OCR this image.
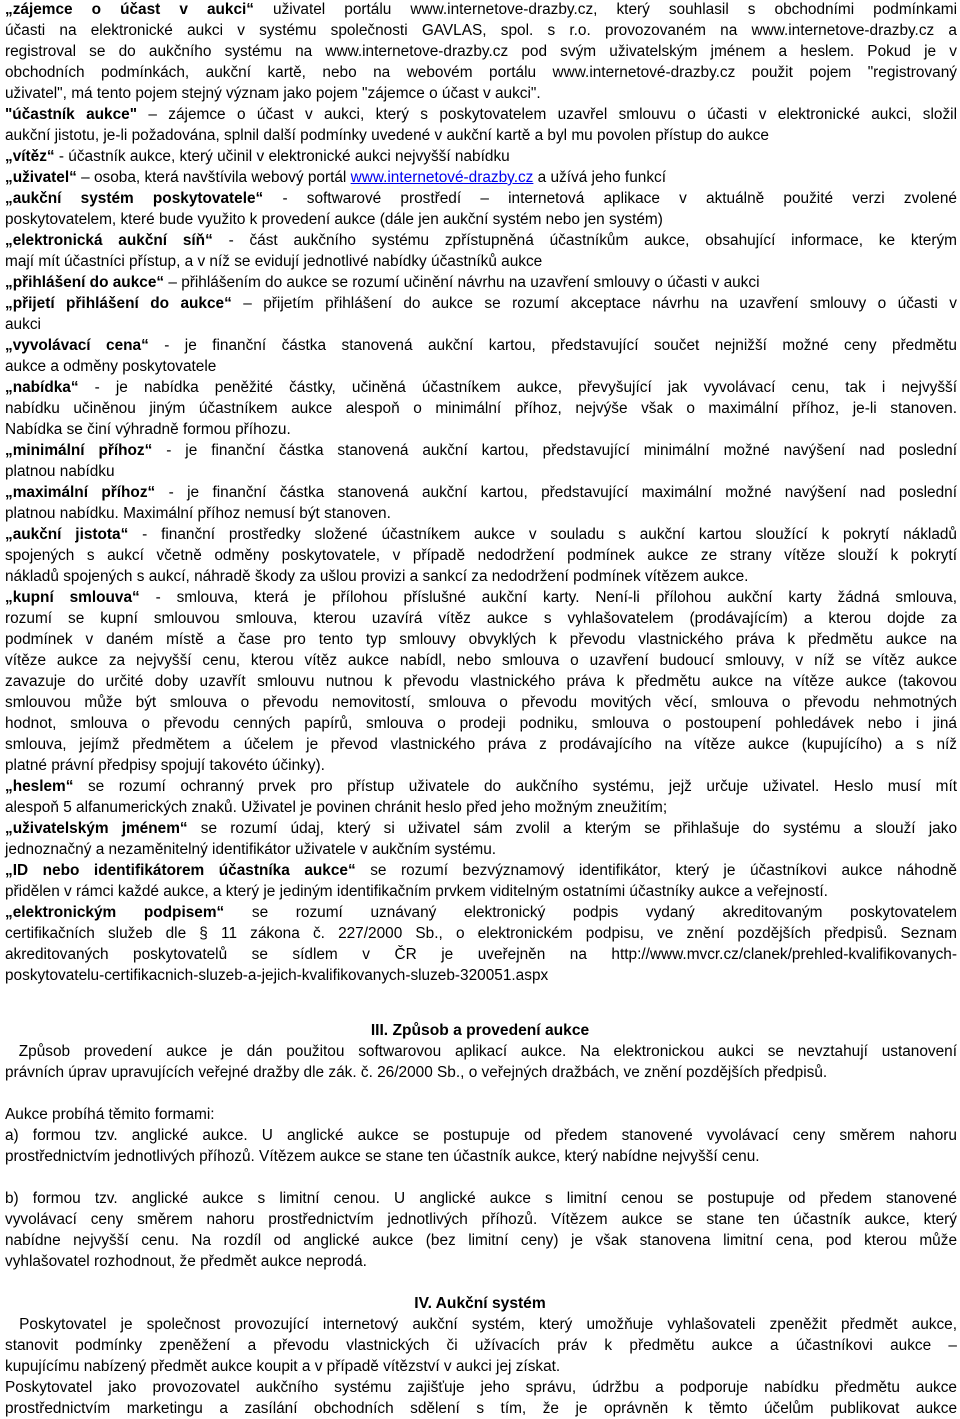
„zájemce o účast v aukci“ uživatel portálu www.internetove-drazby.cz, který souhlasil s obchodními podmínkami
účasti na elektronické aukci v systému společnosti GAVLAS, spol. s r.o. provozovaném na www.internetove-drazby.cz a
registroval se do aukčního systému na www.internetove-drazby.cz pod svým uživatelským jménem a heslem. Pokud je v
obchodních podmínkách, aukční kartě, nebo na webovém portálu www.internetové-drazby.cz použit pojem "registrovaný
uživatel", má tento pojem stejný význam jako pojem "zájemce o účast v aukci".
"účastník aukce" – zájemce o účast v aukci, který s poskytovatelem uzavřel smlouvu o účasti v elektronické aukci, složil
aukční jistotu, je-li požadována, splnil další podmínky uvedené v aukční kartě a byl mu povolen přístup do aukce
„vítěz“ - účastník aukce, který učinil v elektronické aukci nejvyšší nabídku
„uživatel“ – osoba, která navštívila webový portál www.internetové-drazby.cz a užívá jeho funkcí
„aukční systém poskytovatele“ - softwarové prostředí – internetová aplikace v aktuálně použité verzi zvolené
poskytovatelem, které bude využito k provedení aukce (dále jen aukční systém nebo jen systém)
„elektronická aukční síň“ - část aukčního systému zpřístupněná účastníkům aukce, obsahující informace, ke kterým
mají mít účastníci přístup, a v níž se evidují jednotlivé nabídky účastníků aukce
„přihlášení do aukce“ – přihlášením do aukce se rozumí učinění návrhu na uzavření smlouvy o účasti v aukci
„přijetí přihlášení do aukce“ – přijetím přihlášení do aukce se rozumí akceptace návrhu na uzavření smlouvy o účasti v
aukci
„vyvolávací cena“ - je finanční částka stanovená aukční kartou, představující součet nejnižší možné ceny předmětu
aukce a odměny poskytovatele
„nabídka“ - je nabídka peněžité částky, učiněná účastníkem aukce, převyšující jak vyvolávací cenu, tak i nejvyšší
nabídku učiněnou jiným účastníkem aukce alespoň o minimální příhoz, nejvýše však o maximální příhoz, je-li stanoven.
Nabídka se činí výhradně formou příhozu.
„minimální příhoz“ - je finanční částka stanovená aukční kartou, představující minimální možné navýšení nad poslední
platnou nabídku
„maximální příhoz“ - je finanční částka stanovená aukční kartou, představující maximální možné navýšení nad poslední
platnou nabídku. Maximální příhoz nemusí být stanoven.
„aukční jistota“ - finanční prostředky složené účastníkem aukce v souladu s aukční kartou sloužící k pokrytí nákladů
spojených s aukcí včetně odměny poskytovatele, v případě nedodržení podmínek aukce ze strany vítěze slouží k pokrytí
nákladů spojených s aukcí, náhradě škody za ušlou provizi a sankcí za nedodržení podmínek vítězem aukce.
„kupní smlouva“ - smlouva, která je přílohou příslušné aukční karty. Není-li přílohou aukční karty žádná smlouva,
rozumí se kupní smlouvou smlouva, kterou uzavírá vítěz aukce s vyhlašovatelem (prodávajícím) a kterou dojde za
podmínek v daném místě a čase pro tento typ smlouvy obvyklých k převodu vlastnického práva k předmětu aukce na
vítěze aukce za nejvyšší cenu, kterou vítěz aukce nabídl, nebo smlouva o uzavření budoucí smlouvy, v níž se vítěz aukce
zavazuje do určité doby uzavřít smlouvu nutnou k převodu vlastnického práva k předmětu aukce na vítěze aukce (takovou
smlouvou může být smlouva o převodu nemovitostí, smlouva o převodu movitých věcí, smlouva o převodu nehmotných
hodnot, smlouva o převodu cenných papírů, smlouva o prodeji podniku, smlouva o postoupení pohledávek nebo i jiná
smlouva, jejímž předmětem a účelem je převod vlastnického práva z prodávajícího na vítěze aukce (kupujícího) a s níž
platné právní předpisy spojují takovéto účinky).
„heslem“ se rozumí ochranný prvek pro přístup uživatele do aukčního systému, jejž určuje uživatel. Heslo musí mít
alespoň 5 alfanumerických znaků. Uživatel je povinen chránit heslo před jeho možným zneužitím;
„uživatelským jménem“ se rozumí údaj, který si uživatel sám zvolil a kterým se přihlašuje do systému a slouží jako
jednoznačný a nezaměnitelný identifikátor uživatele v aukčním systému.
„ID nebo identifikátorem účastníka aukce“ se rozumí bezvýznamový identifikátor, který je účastníkovi aukce náhodně
přidělen v rámci každé aukce, a který je jediným identifikačním prvkem viditelným ostatními účastníky aukce a veřejností.
„elektronickým podpisem“ se rozumí uznávaný elektronický podpis vydaný akreditovaným poskytovatelem
certifikačních služeb dle § 11 zákona č. 227/2000 Sb., o elektronickém podpisu, ve znění pozdějších předpisů. Seznam
akreditovaných poskytovatelů se sídlem v ČR je uveřejněn na http://www.mvcr.cz/clanek/prehled-kvalifikovanych-
poskytovatelu-certifikacnich-sluzeb-a-jejich-kvalifikovanych-sluzeb-320051.aspx
III. Způsob a provedení aukce
Způsob provedení aukce je dán použitou softwarovou aplikací aukce. Na elektronickou aukci se nevztahují ustanovení
právních úprav upravujících veřejné dražby dle zák. č. 26/2000 Sb., o veřejných dražbách, ve znění pozdějších předpisů.
Aukce probíhá těmito formami:
a) formou tzv. anglické aukce. U anglické aukce se postupuje od předem stanovené vyvolávací ceny směrem nahoru
prostřednictvím jednotlivých příhozů. Vítězem aukce se stane ten účastník aukce, který nabídne nejvyšší cenu.
b) formou tzv. anglické aukce s limitní cenou. U anglické aukce s limitní cenou se postupuje od předem stanovené
vyvolávací ceny směrem nahoru prostřednictvím jednotlivých příhozů. Vítězem aukce se stane ten účastník aukce, který
nabídne nejvyšší cenu. Na rozdíl od anglické aukce (bez limitní ceny) je však stanovena limitní cena, pod kterou může
vyhlašovatel rozhodnout, že předmět aukce neprodá.
IV. Aukční systém
Poskytovatel je společnost provozující internetový aukční systém, který umožňuje vyhlašovateli zpeněžit předmět aukce,
stanovit podmínky zpeněžení a převodu vlastnických či užívacích práv k předmětu aukce a účastníkovi aukce –
kupujícímu nabízený předmět aukce koupit a v případě vítězství v aukci jej získat.
Poskytovatel jako provozovatel aukčního systému zajišťuje jeho správu, údržbu a podporuje nabídku předmětu aukce
prostřednictvím marketingu a zasílání obchodních sdělení s tím, že je oprávněn k těmto účelům publikovat aukce
